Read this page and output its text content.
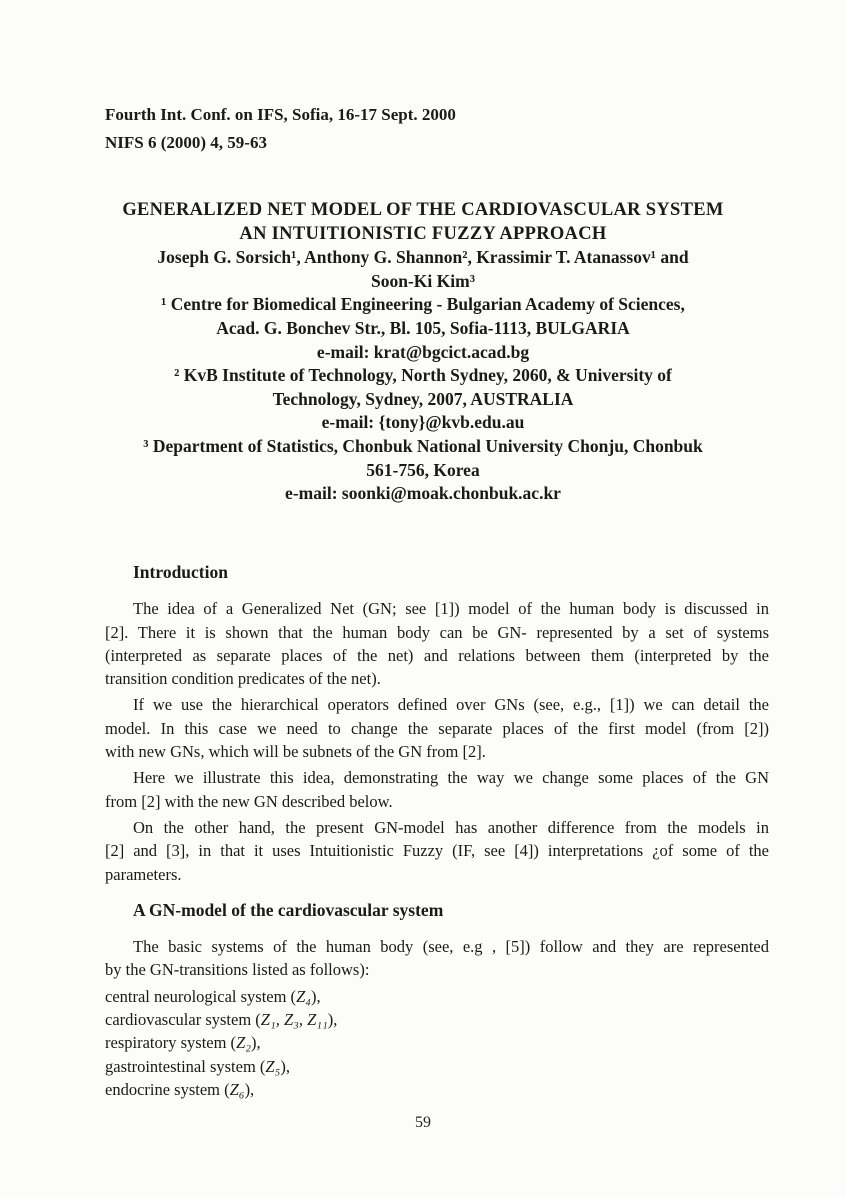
Fourth Int. Conf. on IFS, Sofia, 16-17 Sept. 2000
NIFS 6 (2000) 4, 59-63
GENERALIZED NET MODEL OF THE CARDIOVASCULAR SYSTEM
AN INTUITIONISTIC FUZZY APPROACH
Joseph G. Sorsich¹, Anthony G. Shannon², Krassimir T. Atanassov¹ and
Soon-Ki Kim³
¹ Centre for Biomedical Engineering - Bulgarian Academy of Sciences,
Acad. G. Bonchev Str., Bl. 105, Sofia-1113, BULGARIA
e-mail: krat@bgcict.acad.bg
² KvB Institute of Technology, North Sydney, 2060, & University of
Technology, Sydney, 2007, AUSTRALIA
e-mail: {tony}@kvb.edu.au
³ Department of Statistics, Chonbuk National University Chonju, Chonbuk
561-756, Korea
e-mail: soonki@moak.chonbuk.ac.kr
Introduction
The idea of a Generalized Net (GN; see [1]) model of the human body is discussed in
[2]. There it is shown that the human body can be GN- represented by a set of systems
(interpreted as separate places of the net) and relations between them (interpreted by the
transition condition predicates of the net).
If we use the hierarchical operators defined over GNs (see, e.g., [1]) we can detail the
model. In this case we need to change the separate places of the first model (from [2])
with new GNs, which will be subnets of the GN from [2].
Here we illustrate this idea, demonstrating the way we change some places of the GN
from [2] with the new GN described below.
On the other hand, the present GN-model has another difference from the models in
[2] and [3], in that it uses Intuitionistic Fuzzy (IF, see [4]) interpretations ¿of some of the
parameters.
A GN-model of the cardiovascular system
The basic systems of the human body (see, e.g , [5]) follow and they are represented
by the GN-transitions listed as follows):
central neurological system (Z₄),
cardiovascular system (Z₁, Z₃, Z₁₁),
respiratory system (Z₂),
gastrointestinal system (Z₅),
endocrine system (Z₆),
59
